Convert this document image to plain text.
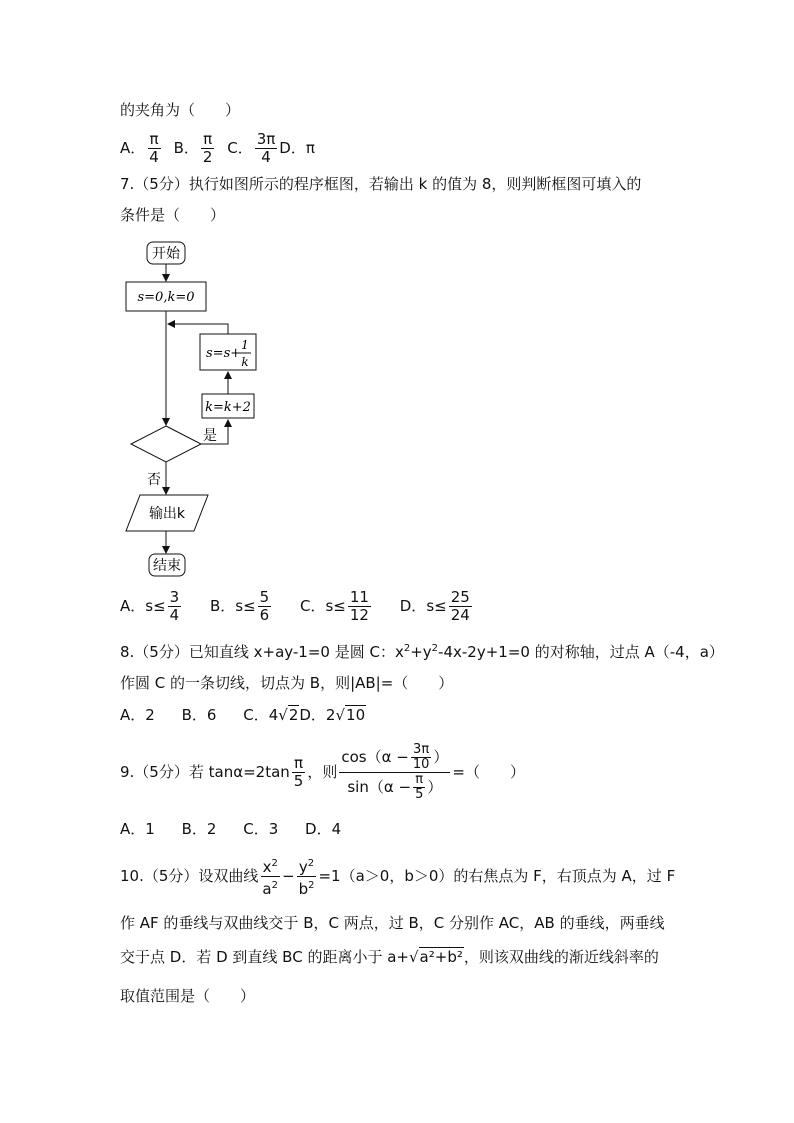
的夹角为（　　）
A． $\frac{\pi}{4}$ B． $\frac{\pi}{2}$ C． $\frac{3\pi}{4}$ D．π
7.（5分）执行如图所示的程序框图，若输出 k 的值为 8，则判断框图可填入的
条件是（　　）
开始
s=0,k=0
s=s+
1
k
k=k+2
是
否
输出k
结束
A．$s\le \frac{3}{4}$ B．$s\le \frac{5}{6}$ C．$s\le \frac{11}{12}$ D．$s\le \frac{25}{24}$
8.（5分）已知直线 x+ay-1=0 是圆 C：$x^2+y^2-4x-2y+1=0$ 的对称轴，过点 A（-4，a）
作圆 C 的一条切线，切点为 B，则|AB|=（　　）
A．2 B．6 C．4√2D．2√10
9.（5分）若 $\tan\alpha=2\tan \frac{\pi}{5}$ ，则 $\frac{\cos(\alpha - \frac{3\pi}{10} )}{\sin(\alpha - \frac{\pi}{5} )}$ =（　　）
A．1 B．2 C．3 D．4
10.（5分）设双曲线 $\frac{x^2}{a^2} - \frac{y^2}{b^2} =1(a>0$，b＞0）的右焦点为 F，右顶点为 A，过 F
作 AF 的垂线与双曲线交于 B，C 两点，过 B，C 分别作 AC，AB 的垂线，两垂线
交于点 D．若 D 到直线 BC 的距离小于 a+√a²+b²，则该双曲线的渐近线斜率的
取值范围是（　　）
